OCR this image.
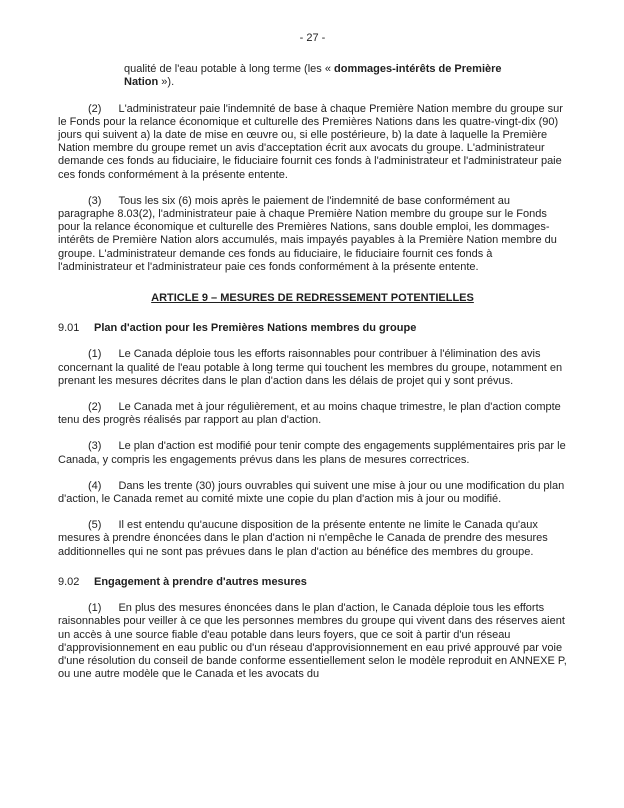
- 27 -
qualité de l'eau potable à long terme (les « dommages-intérêts de Première Nation »).

(2) L'administrateur paie l'indemnité de base à chaque Première Nation membre du groupe sur le Fonds pour la relance économique et culturelle des Premières Nations dans les quatre-vingt-dix (90) jours qui suivent a) la date de mise en œuvre ou, si elle postérieure, b) la date à laquelle la Première Nation membre du groupe remet un avis d'acceptation écrit aux avocats du groupe. L'administrateur demande ces fonds au fiduciaire, le fiduciaire fournit ces fonds à l'administrateur et l'administrateur paie ces fonds conformément à la présente entente.

(3) Tous les six (6) mois après le paiement de l'indemnité de base conformément au paragraphe 8.03(2), l'administrateur paie à chaque Première Nation membre du groupe sur le Fonds pour la relance économique et culturelle des Premières Nations, sans double emploi, les dommages-intérêts de Première Nation alors accumulés, mais impayés payables à la Première Nation membre du groupe. L'administrateur demande ces fonds au fiduciaire, le fiduciaire fournit ces fonds à l'administrateur et l'administrateur paie ces fonds conformément à la présente entente.

ARTICLE 9 – MESURES DE REDRESSEMENT POTENTIELLES
9.01 Plan d'action pour les Premières Nations membres du groupe

(1) Le Canada déploie tous les efforts raisonnables pour contribuer à l'élimination des avis concernant la qualité de l'eau potable à long terme qui touchent les membres du groupe, notamment en prenant les mesures décrites dans le plan d'action dans les délais de projet qui y sont prévus.

(2) Le Canada met à jour régulièrement, et au moins chaque trimestre, le plan d'action compte tenu des progrès réalisés par rapport au plan d'action.

(3) Le plan d'action est modifié pour tenir compte des engagements supplémentaires pris par le Canada, y compris les engagements prévus dans les plans de mesures correctrices.

(4) Dans les trente (30) jours ouvrables qui suivent une mise à jour ou une modification du plan d'action, le Canada remet au comité mixte une copie du plan d'action mis à jour ou modifié.

(5) Il est entendu qu'aucune disposition de la présente entente ne limite le Canada qu'aux mesures à prendre énoncées dans le plan d'action ni n'empêche le Canada de prendre des mesures additionnelles qui ne sont pas prévues dans le plan d'action au bénéfice des membres du groupe.

9.02 Engagement à prendre d'autres mesures

(1) En plus des mesures énoncées dans le plan d'action, le Canada déploie tous les efforts raisonnables pour veiller à ce que les personnes membres du groupe qui vivent dans des réserves aient un accès à une source fiable d'eau potable dans leurs foyers, que ce soit à partir d'un réseau d'approvisionnement en eau public ou d'un réseau d'approvisionnement en eau privé approuvé par voie d'une résolution du conseil de bande conforme essentiellement selon le modèle reproduit en ANNEXE P, ou une autre modèle que le Canada et les avocats du
